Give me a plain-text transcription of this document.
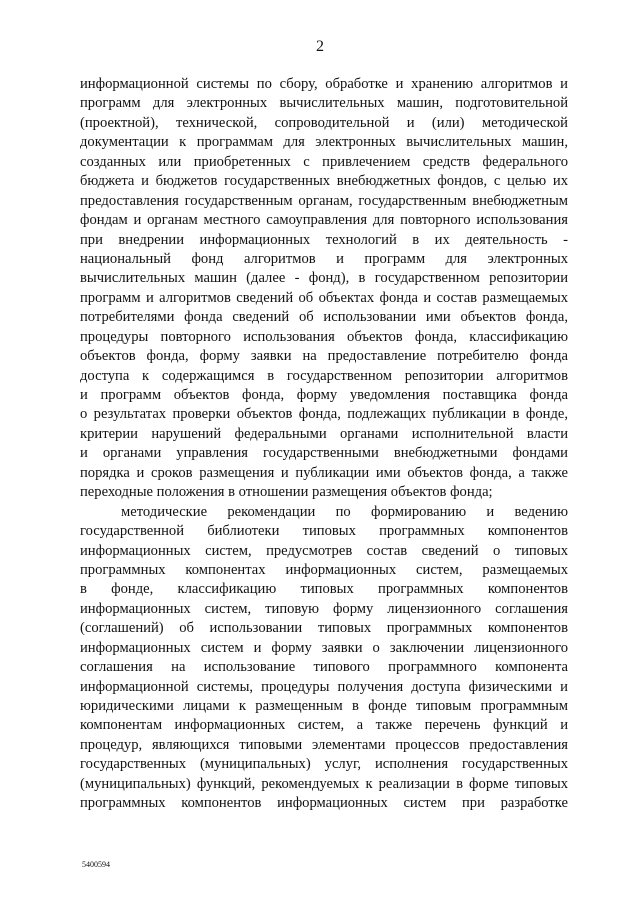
2

информационной системы по сбору, обработке и хранению алгоритмов и
программ для электронных вычислительных машин, подготовительной
(проектной), технической, сопроводительной и (или) методической
документации к программам для электронных вычислительных машин,
созданных или приобретенных с привлечением средств федерального
бюджета и бюджетов государственных внебюджетных фондов, с целью их
предоставления государственным органам, государственным внебюджетным
фондам и органам местного самоуправления для повторного использования
при внедрении информационных технологий в их деятельность -
национальный фонд алгоритмов и программ для электронных
вычислительных машин (далее - фонд), в государственном репозитории
программ и алгоритмов сведений об объектах фонда и состав размещаемых
потребителями фонда сведений об использовании ими объектов фонда,
процедуры повторного использования объектов фонда, классификацию
объектов фонда, форму заявки на предоставление потребителю фонда
доступа к содержащимся в государственном репозитории алгоритмов
и программ объектов фонда, форму уведомления поставщика фонда
о результатах проверки объектов фонда, подлежащих публикации в фонде,
критерии нарушений федеральными органами исполнительной власти
и органами управления государственными внебюджетными фондами
порядка и сроков размещения и публикации ими объектов фонда, а также
переходные положения в отношении размещения объектов фонда;

методические рекомендации по формированию и ведению
государственной библиотеки типовых программных компонентов
информационных систем, предусмотрев состав сведений о типовых
программных компонентах информационных систем, размещаемых
в фонде, классификацию типовых программных компонентов
информационных систем, типовую форму лицензионного соглашения
(соглашений) об использовании типовых программных компонентов
информационных систем и форму заявки о заключении лицензионного
соглашения на использование типового программного компонента
информационной системы, процедуры получения доступа физическими и
юридическими лицами к размещенным в фонде типовым программным
компонентам информационных систем, а также перечень функций и
процедур, являющихся типовыми элементами процессов предоставления
государственных (муниципальных) услуг, исполнения государственных
(муниципальных) функций, рекомендуемых к реализации в форме типовых
программных компонентов информационных систем при разработке

5400594
